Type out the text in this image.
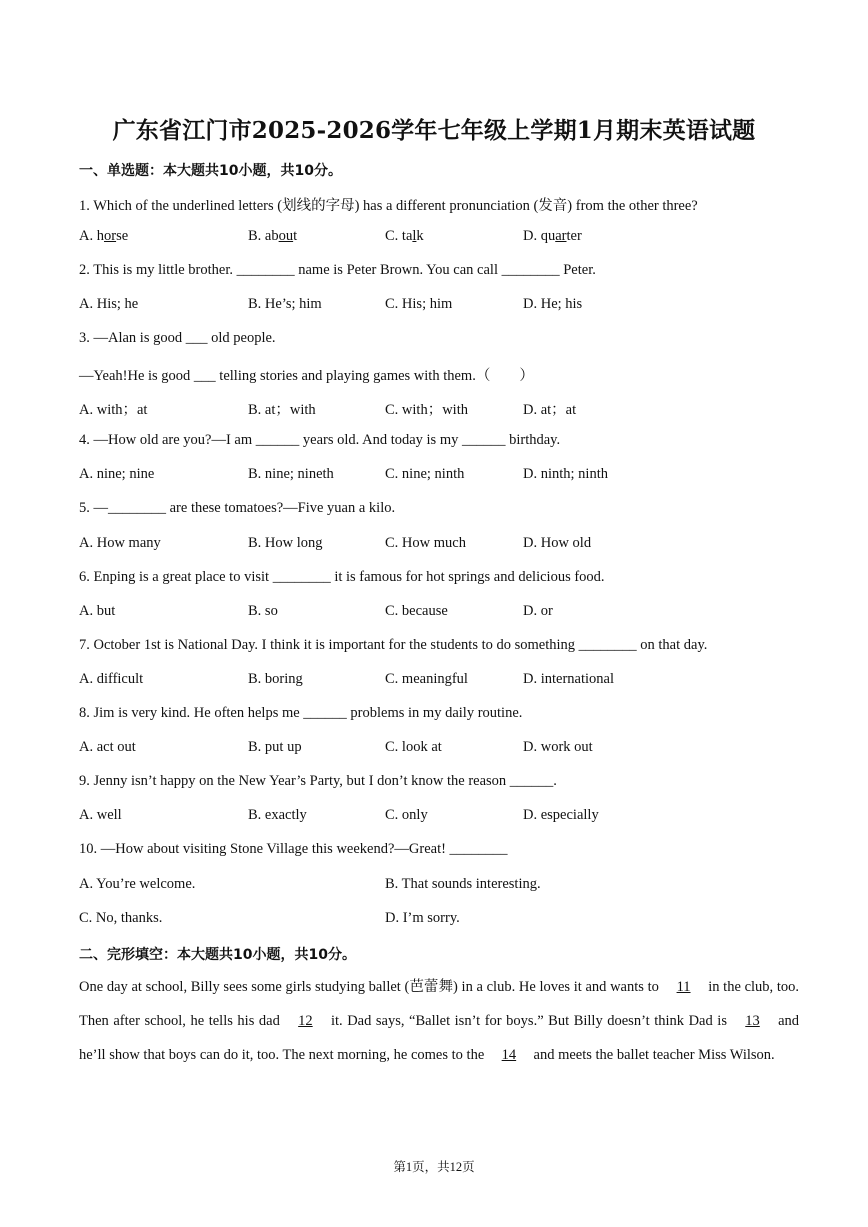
广东省江门市2025-2026学年七年级上学期1月期末英语试题
一、单选题：本大题共10小题，共10分。
1. Which of the underlined letters (划线的字母) has a different pronunciation (发音) from the other three?
A. horse	B. about	C. talk	D. quarter
2. This is my little brother. ________ name is Peter Brown. You can call ________ Peter.
A. His; he	B. He’s; him	C. His; him	D. He; his
3. —Alan is good ___ old people.
—Yeah!He is good ___ telling stories and playing games with them.（　　）
A. with；at	B. at；with	C. with；with	D. at；at
4. —How old are you?—I am ______ years old. And today is my ______ birthday.
A. nine; nine	B. nine; nineth	C. nine; ninth	D. ninth; ninth
5. —________ are these tomatoes?—Five yuan a kilo.
A. How many	B. How long	C. How much	D. How old
6. Enping is a great place to visit ________ it is famous for hot springs and delicious food.
A. but	B. so	C. because	D. or
7. October 1st is National Day. I think it is important for the students to do something ________ on that day.
A. difficult	B. boring	C. meaningful	D. international
8. Jim is very kind. He often helps me ______ problems in my daily routine.
A. act out	B. put up	C. look at	D. work out
9. Jenny isn’t happy on the New Year’s Party, but I don’t know the reason ______.
A. well	B. exactly	C. only	D. especially
10. —How about visiting Stone Village this weekend?—Great! ________
A. You’re welcome.	B. That sounds interesting.
C. No, thanks.	D. I’m sorry.
二、完形填空：本大题共10小题，共10分。
One day at school, Billy sees some girls studying ballet (芭蕾舞) in a club. He loves it and wants to 11 in the club, too. Then after school, he tells his dad 12 it. Dad says, “Ballet isn’t for boys.” But Billy doesn’t think Dad is 13 and he’ll show that boys can do it, too. The next morning, he comes to the 14 and meets the ballet teacher Miss Wilson.
第1页，共12页
